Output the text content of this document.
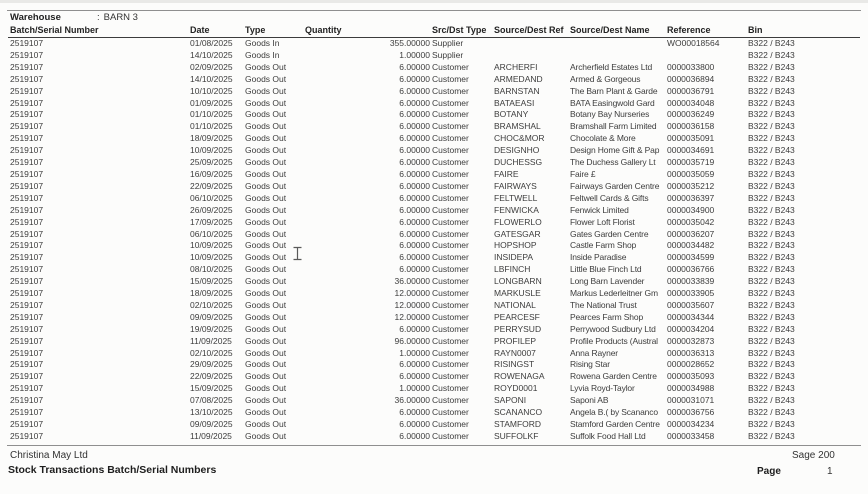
Warehouse	: BARN 3
Batch/Serial Number	Date	Type	Quantity	Src/Dst Type	Source/Dest Ref	Source/Dest Name	Reference	Bin
2519107	01/08/2025	Goods In	355.00000	Supplier			WO00018564	B322 / B243
2519107	14/10/2025	Goods In	1.00000	Supplier				B322 / B243
2519107	02/09/2025	Goods Out	6.00000	Customer	ARCHERFI	Archerfield Estates Ltd	0000033800	B322 / B243
2519107	14/10/2025	Goods Out	6.00000	Customer	ARMEDAND	Armed & Gorgeous	0000036894	B322 / B243
2519107	10/10/2025	Goods Out	6.00000	Customer	BARNSTAN	The Barn Plant & Garde	0000036791	B322 / B243
2519107	01/09/2025	Goods Out	6.00000	Customer	BATAEASI	BATA Easingwold Gard	0000034048	B322 / B243
2519107	01/10/2025	Goods Out	6.00000	Customer	BOTANY	Botany Bay Nurseries	0000036249	B322 / B243
2519107	01/10/2025	Goods Out	6.00000	Customer	BRAMSHAL	Bramshall Farm Limited	0000036158	B322 / B243
2519107	18/09/2025	Goods Out	6.00000	Customer	CHOC&MOR	Chocolate & More	0000035091	B322 / B243
2519107	10/09/2025	Goods Out	6.00000	Customer	DESIGNHO	Design Home Gift & Pap	0000034691	B322 / B243
2519107	25/09/2025	Goods Out	6.00000	Customer	DUCHESSG	The Duchess Gallery Lt	0000035719	B322 / B243
2519107	16/09/2025	Goods Out	6.00000	Customer	FAIRE	Faire £	0000035059	B322 / B243
2519107	22/09/2025	Goods Out	6.00000	Customer	FAIRWAYS	Fairways Garden Centre	0000035212	B322 / B243
2519107	06/10/2025	Goods Out	6.00000	Customer	FELTWELL	Feltwell Cards & Gifts	0000036397	B322 / B243
2519107	26/09/2025	Goods Out	6.00000	Customer	FENWICKA	Fenwick Limited	0000034900	B322 / B243
2519107	17/09/2025	Goods Out	6.00000	Customer	FLOWERLO	Flower Loft Florist	0000035042	B322 / B243
2519107	06/10/2025	Goods Out	6.00000	Customer	GATESGAR	Gates Garden Centre	0000036207	B322 / B243
2519107	10/09/2025	Goods Out	6.00000	Customer	HOPSHOP	Castle Farm Shop	0000034482	B322 / B243
2519107	10/09/2025	Goods Out	6.00000	Customer	INSIDEPA	Inside Paradise	0000034599	B322 / B243
2519107	08/10/2025	Goods Out	6.00000	Customer	LBFINCH	Little Blue Finch Ltd	0000036766	B322 / B243
2519107	15/09/2025	Goods Out	36.00000	Customer	LONGBARN	Long Barn Lavender	0000033839	B322 / B243
2519107	18/09/2025	Goods Out	12.00000	Customer	MARKUSLE	Markus Lederleitner Gm	0000033905	B322 / B243
2519107	02/10/2025	Goods Out	12.00000	Customer	NATIONAL	The National Trust	0000035607	B322 / B243
2519107	09/09/2025	Goods Out	12.00000	Customer	PEARCESF	Pearces Farm Shop	0000034344	B322 / B243
2519107	19/09/2025	Goods Out	6.00000	Customer	PERRYSUD	Perrywood Sudbury Ltd	0000034204	B322 / B243
2519107	11/09/2025	Goods Out	96.00000	Customer	PROFILEP	Profile Products (Austral	0000032873	B322 / B243
2519107	02/10/2025	Goods Out	1.00000	Customer	RAYN0007	Anna Rayner	0000036313	B322 / B243
2519107	29/09/2025	Goods Out	6.00000	Customer	RISINGST	Rising Star	0000028652	B322 / B243
2519107	22/09/2025	Goods Out	6.00000	Customer	ROWENAGA	Rowena Garden Centre	0000035093	B322 / B243
2519107	15/09/2025	Goods Out	1.00000	Customer	ROYD0001	Lyvia Royd-Taylor	0000034988	B322 / B243
2519107	07/08/2025	Goods Out	36.00000	Customer	SAPONI	Saponi AB	0000031071	B322 / B243
2519107	13/10/2025	Goods Out	6.00000	Customer	SCANANCO	Angela B.( by Scananco	0000036756	B322 / B243
2519107	09/09/2025	Goods Out	6.00000	Customer	STAMFORD	Stamford Garden Centre	0000034234	B322 / B243
2519107	11/09/2025	Goods Out	6.00000	Customer	SUFFOLKF	Suffolk Food Hall Ltd	0000033458	B322 / B243
Christina May Ltd
Stock Transactions Batch/Serial Numbers
Sage 200
Page	1
